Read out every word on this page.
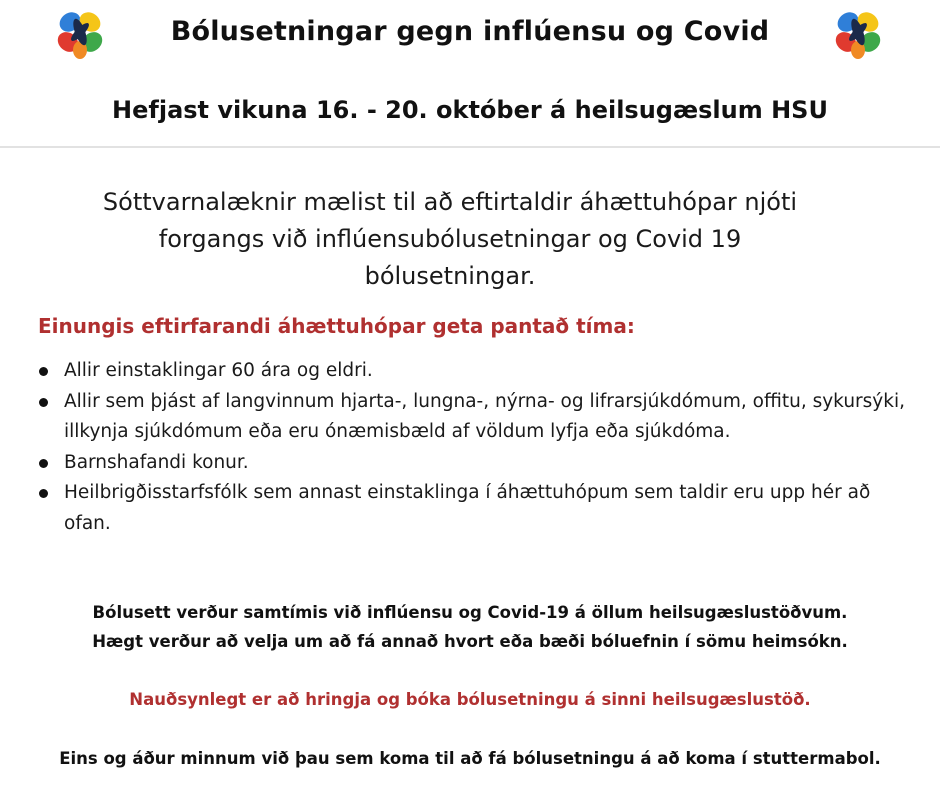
Bólusetningar gegn inflúensu og Covid
Hefjast vikuna 16. - 20. október á heilsugæslum HSU
Sóttvarnalæknir mælist til að eftirtaldir áhættuhópar njóti
forgangs við inflúensubólusetningar og Covid 19
bólusetningar.
Einungis eftirfarandi áhættuhópar geta pantað tíma:
Allir einstaklingar 60 ára og eldri.
Allir sem þjást af langvinnum hjarta-, lungna-, nýrna- og lifrarsjúkdómum, offitu, sykursýki, illkynja sjúkdómum eða eru ónæmisbæld af völdum lyfja eða sjúkdóma.
Barnshafandi konur.
Heilbrigðisstarfsfólk sem annast einstaklinga í áhættuhópum sem taldir eru upp hér að ofan.
Bólusett verður samtímis við inflúensu og Covid-19 á öllum heilsugæslustöðvum.
Hægt verður að velja um að fá annað hvort eða bæði bóluefnin í sömu heimsókn.
Nauðsynlegt er að hringja og bóka bólusetningu á sinni heilsugæslustöð.
Eins og áður minnum við þau sem koma til að fá bólusetningu á að koma í stuttermabol.
